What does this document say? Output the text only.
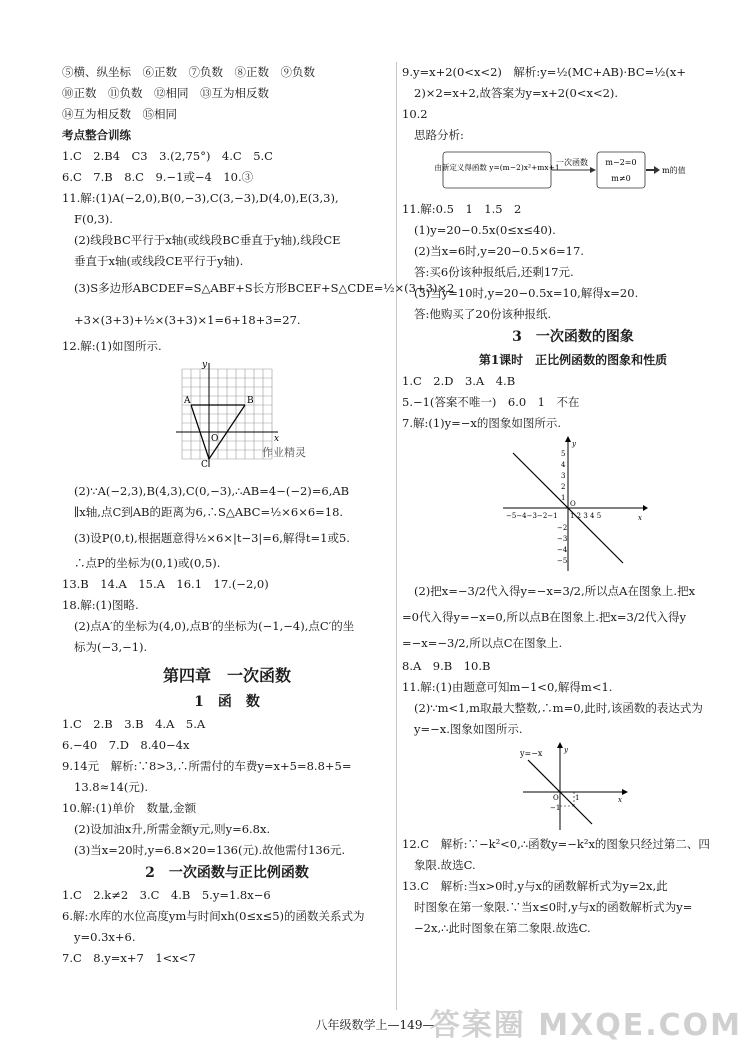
⑤横、纵坐标　⑥正数　⑦负数　⑧正数　⑨负数

⑩正数　⑪负数　⑫相同　⑬互为相反数

⑭互为相反数　⑮相同

考点整合训练

1.C　2.B4　C3　3.(2,75°)　4.C　5.C

6.C　7.B　8.C　9.−1或−4　10.③

11.解:(1)A(−2,0),B(0,−3),C(3,−3),D(4,0),E(3,3),

F(0,3).

(2)线段BC平行于x轴(或线段BC垂直于y轴),线段CE

垂直于x轴(或线段CE平行于y轴).

(3)S多边形ABCDEF=S△ABF+S长方形BCEF+S△CDE=½×(3+3)×2

+3×(3+3)+½×(3+3)×1=6+18+3=27.

12.解:(1)如图所示.

A	B
C
O	x
y

(2)∵A(−2,3),B(4,3),C(0,−3),∴AB=4−(−2)=6,AB

∥x轴,点C到AB的距离为6,∴S△ABC=½×6×6=18.

(3)设P(0,t),根据题意得½×6×|t−3|=6,解得t=1或5.

∴点P的坐标为(0,1)或(0,5).

13.B　14.A　15.A　16.1　17.(−2,0)

18.解:(1)图略.

(2)点A′的坐标为(4,0),点B′的坐标为(−1,−4),点C′的坐

标为(−3,−1).

第四章　一次函数
1　函　数

1.C　2.B　3.B　4.A　5.A

6.−40　7.D　8.40−4x

9.14元　解析:∵8>3,∴所需付的车费y=x+5=8.8+5=

13.8≈14(元).

10.解:(1)单价　数量,金额

(2)设加油x升,所需金额y元,则y=6.8x.

(3)当x=20时,y=6.8×20=136(元).故他需付136元.

2　一次函数与正比例函数

1.C　2.k≠2　3.C　4.B　5.y=1.8x−6

6.解:水库的水位高度ym与时间xh(0≤x≤5)的函数关系式为

y=0.3x+6.

7.C　8.y=x+7　1<x<7

作业精灵

9.y=x+2(0<x<2)　解析:y=½(MC+AB)·BC=½(x+

2)×2=x+2,故答案为y=x+2(0<x<2).

10.2

思路分析:

由新定义得函数 y=(m−2)x²+mx+1
一次函数 m−2=0
m≠0
m的值

11.解:0.5　1　1.5　2

(1)y=20−0.5x(0≤x≤40).

(2)当x=6时,y=20−0.5×6=17.

答:买6份该种报纸后,还剩17元.

(3)当y=10时,y=20−0.5x=10,解得x=20.

答:他购买了20份该种报纸.

3　一次函数的图象
第1课时　正比例函数的图象和性质

1.C　2.D　3.A　4.B

5.−1(答案不唯一)　6.0　1　不在

7.解:(1)y=−x的图象如图所示.

−5−4−3−2−1 1 2 3 4 5
5
4
3
2
1
−2
−3
−4
−5
O
x
y

(2)把x=−3/2代入得y=−x=3/2,所以点A在图象上.把x

=0代入得y=−x=0,所以点B在图象上.把x=3/2代入得y

=−x=−3/2,所以点C在图象上.

8.A　9.B　10.B

11.解:(1)由题意可知m−1<0,解得m<1.

(2)∵m<1,m取最大整数,∴m=0,此时,该函数的表达式为

y=−x.图象如图所示.

y=−x
O 1
−1
x
y

12.C　解析:∵−k²<0,∴函数y=−k²x的图象只经过第二、四

象限.故选C.

13.C　解析:当x>0时,y与x的函数解析式为y=2x,此

时图象在第一象限.∵当x≤0时,y与x的函数解析式为y=

−2x,∴此时图象在第二象限.故选C.

八年级数学上—149—
答案圈 MXQE.COM
